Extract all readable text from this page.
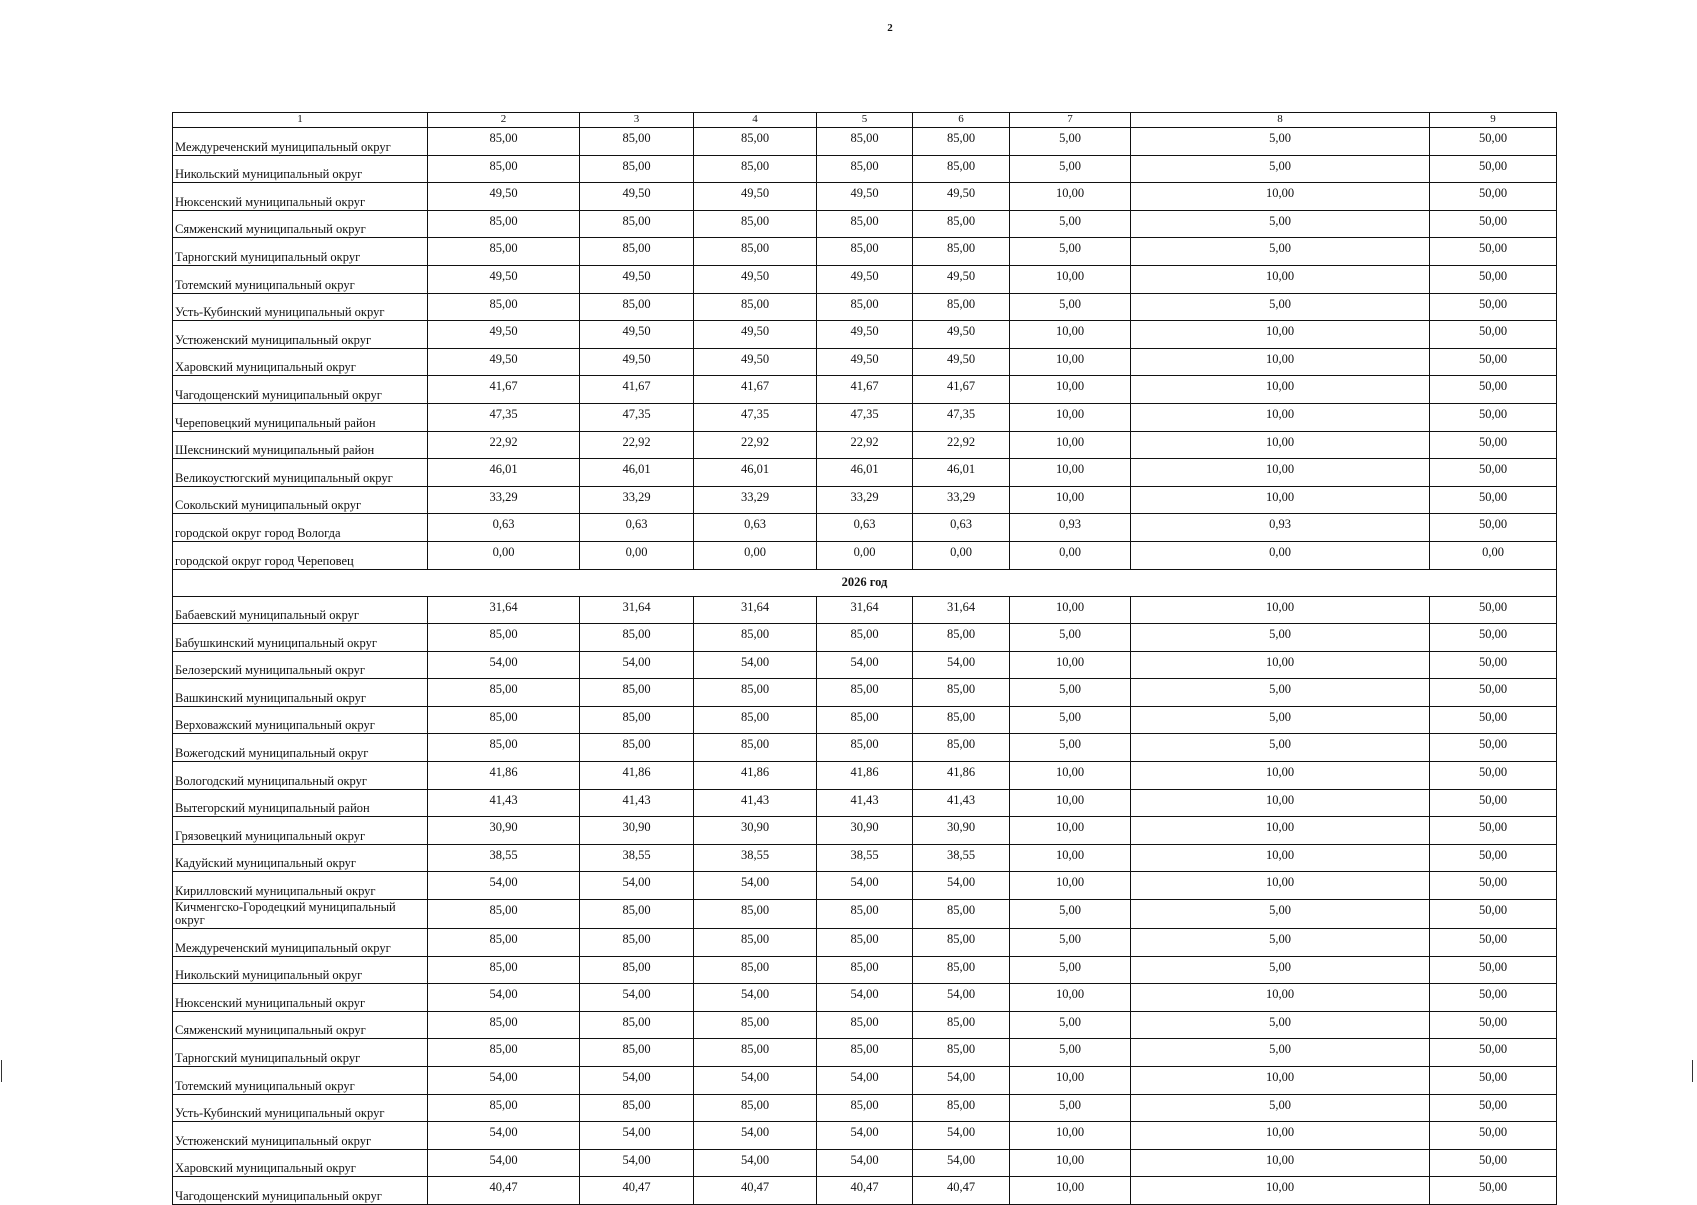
2
1	2	3	4	5	6	7	8	9
Междуреченский муниципальный округ	85,00	85,00	85,00	85,00	85,00	5,00	5,00	50,00
Никольский муниципальный округ	85,00	85,00	85,00	85,00	85,00	5,00	5,00	50,00
Нюксенский муниципальный округ	49,50	49,50	49,50	49,50	49,50	10,00	10,00	50,00
Сямженский муниципальный округ	85,00	85,00	85,00	85,00	85,00	5,00	5,00	50,00
Тарногский муниципальный округ	85,00	85,00	85,00	85,00	85,00	5,00	5,00	50,00
Тотемский муниципальный округ	49,50	49,50	49,50	49,50	49,50	10,00	10,00	50,00
Усть-Кубинский муниципальный округ	85,00	85,00	85,00	85,00	85,00	5,00	5,00	50,00
Устюженский муниципальный округ	49,50	49,50	49,50	49,50	49,50	10,00	10,00	50,00
Харовский муниципальный округ	49,50	49,50	49,50	49,50	49,50	10,00	10,00	50,00
Чагодощенский муниципальный округ	41,67	41,67	41,67	41,67	41,67	10,00	10,00	50,00
Череповецкий муниципальный район	47,35	47,35	47,35	47,35	47,35	10,00	10,00	50,00
Шекснинский муниципальный район	22,92	22,92	22,92	22,92	22,92	10,00	10,00	50,00
Великоустюгский муниципальный округ	46,01	46,01	46,01	46,01	46,01	10,00	10,00	50,00
Сокольский муниципальный округ	33,29	33,29	33,29	33,29	33,29	10,00	10,00	50,00
городской округ город Вологда	0,63	0,63	0,63	0,63	0,63	0,93	0,93	50,00
городской округ город Череповец	0,00	0,00	0,00	0,00	0,00	0,00	0,00	0,00
2026 год								
Бабаевский муниципальный округ	31,64	31,64	31,64	31,64	31,64	10,00	10,00	50,00
Бабушкинский муниципальный округ	85,00	85,00	85,00	85,00	85,00	5,00	5,00	50,00
Белозерский муниципальный округ	54,00	54,00	54,00	54,00	54,00	10,00	10,00	50,00
Вашкинский муниципальный округ	85,00	85,00	85,00	85,00	85,00	5,00	5,00	50,00
Верховажский муниципальный округ	85,00	85,00	85,00	85,00	85,00	5,00	5,00	50,00
Вожегодский муниципальный округ	85,00	85,00	85,00	85,00	85,00	5,00	5,00	50,00
Вологодский муниципальный округ	41,86	41,86	41,86	41,86	41,86	10,00	10,00	50,00
Вытегорский муниципальный район	41,43	41,43	41,43	41,43	41,43	10,00	10,00	50,00
Грязовецкий муниципальный округ	30,90	30,90	30,90	30,90	30,90	10,00	10,00	50,00
Кадуйский муниципальный округ	38,55	38,55	38,55	38,55	38,55	10,00	10,00	50,00
Кирилловский муниципальный округ	54,00	54,00	54,00	54,00	54,00	10,00	10,00	50,00
Кичменгско-Городецкий муниципальный округ	85,00	85,00	85,00	85,00	85,00	5,00	5,00	50,00
Междуреченский муниципальный округ	85,00	85,00	85,00	85,00	85,00	5,00	5,00	50,00
Никольский муниципальный округ	85,00	85,00	85,00	85,00	85,00	5,00	5,00	50,00
Нюксенский муниципальный округ	54,00	54,00	54,00	54,00	54,00	10,00	10,00	50,00
Сямженский муниципальный округ	85,00	85,00	85,00	85,00	85,00	5,00	5,00	50,00
Тарногский муниципальный округ	85,00	85,00	85,00	85,00	85,00	5,00	5,00	50,00
Тотемский муниципальный округ	54,00	54,00	54,00	54,00	54,00	10,00	10,00	50,00
Усть-Кубинский муниципальный округ	85,00	85,00	85,00	85,00	85,00	5,00	5,00	50,00
Устюженский муниципальный округ	54,00	54,00	54,00	54,00	54,00	10,00	10,00	50,00
Харовский муниципальный округ	54,00	54,00	54,00	54,00	54,00	10,00	10,00	50,00
Чагодощенский муниципальный округ	40,47	40,47	40,47	40,47	40,47	10,00	10,00	50,00
